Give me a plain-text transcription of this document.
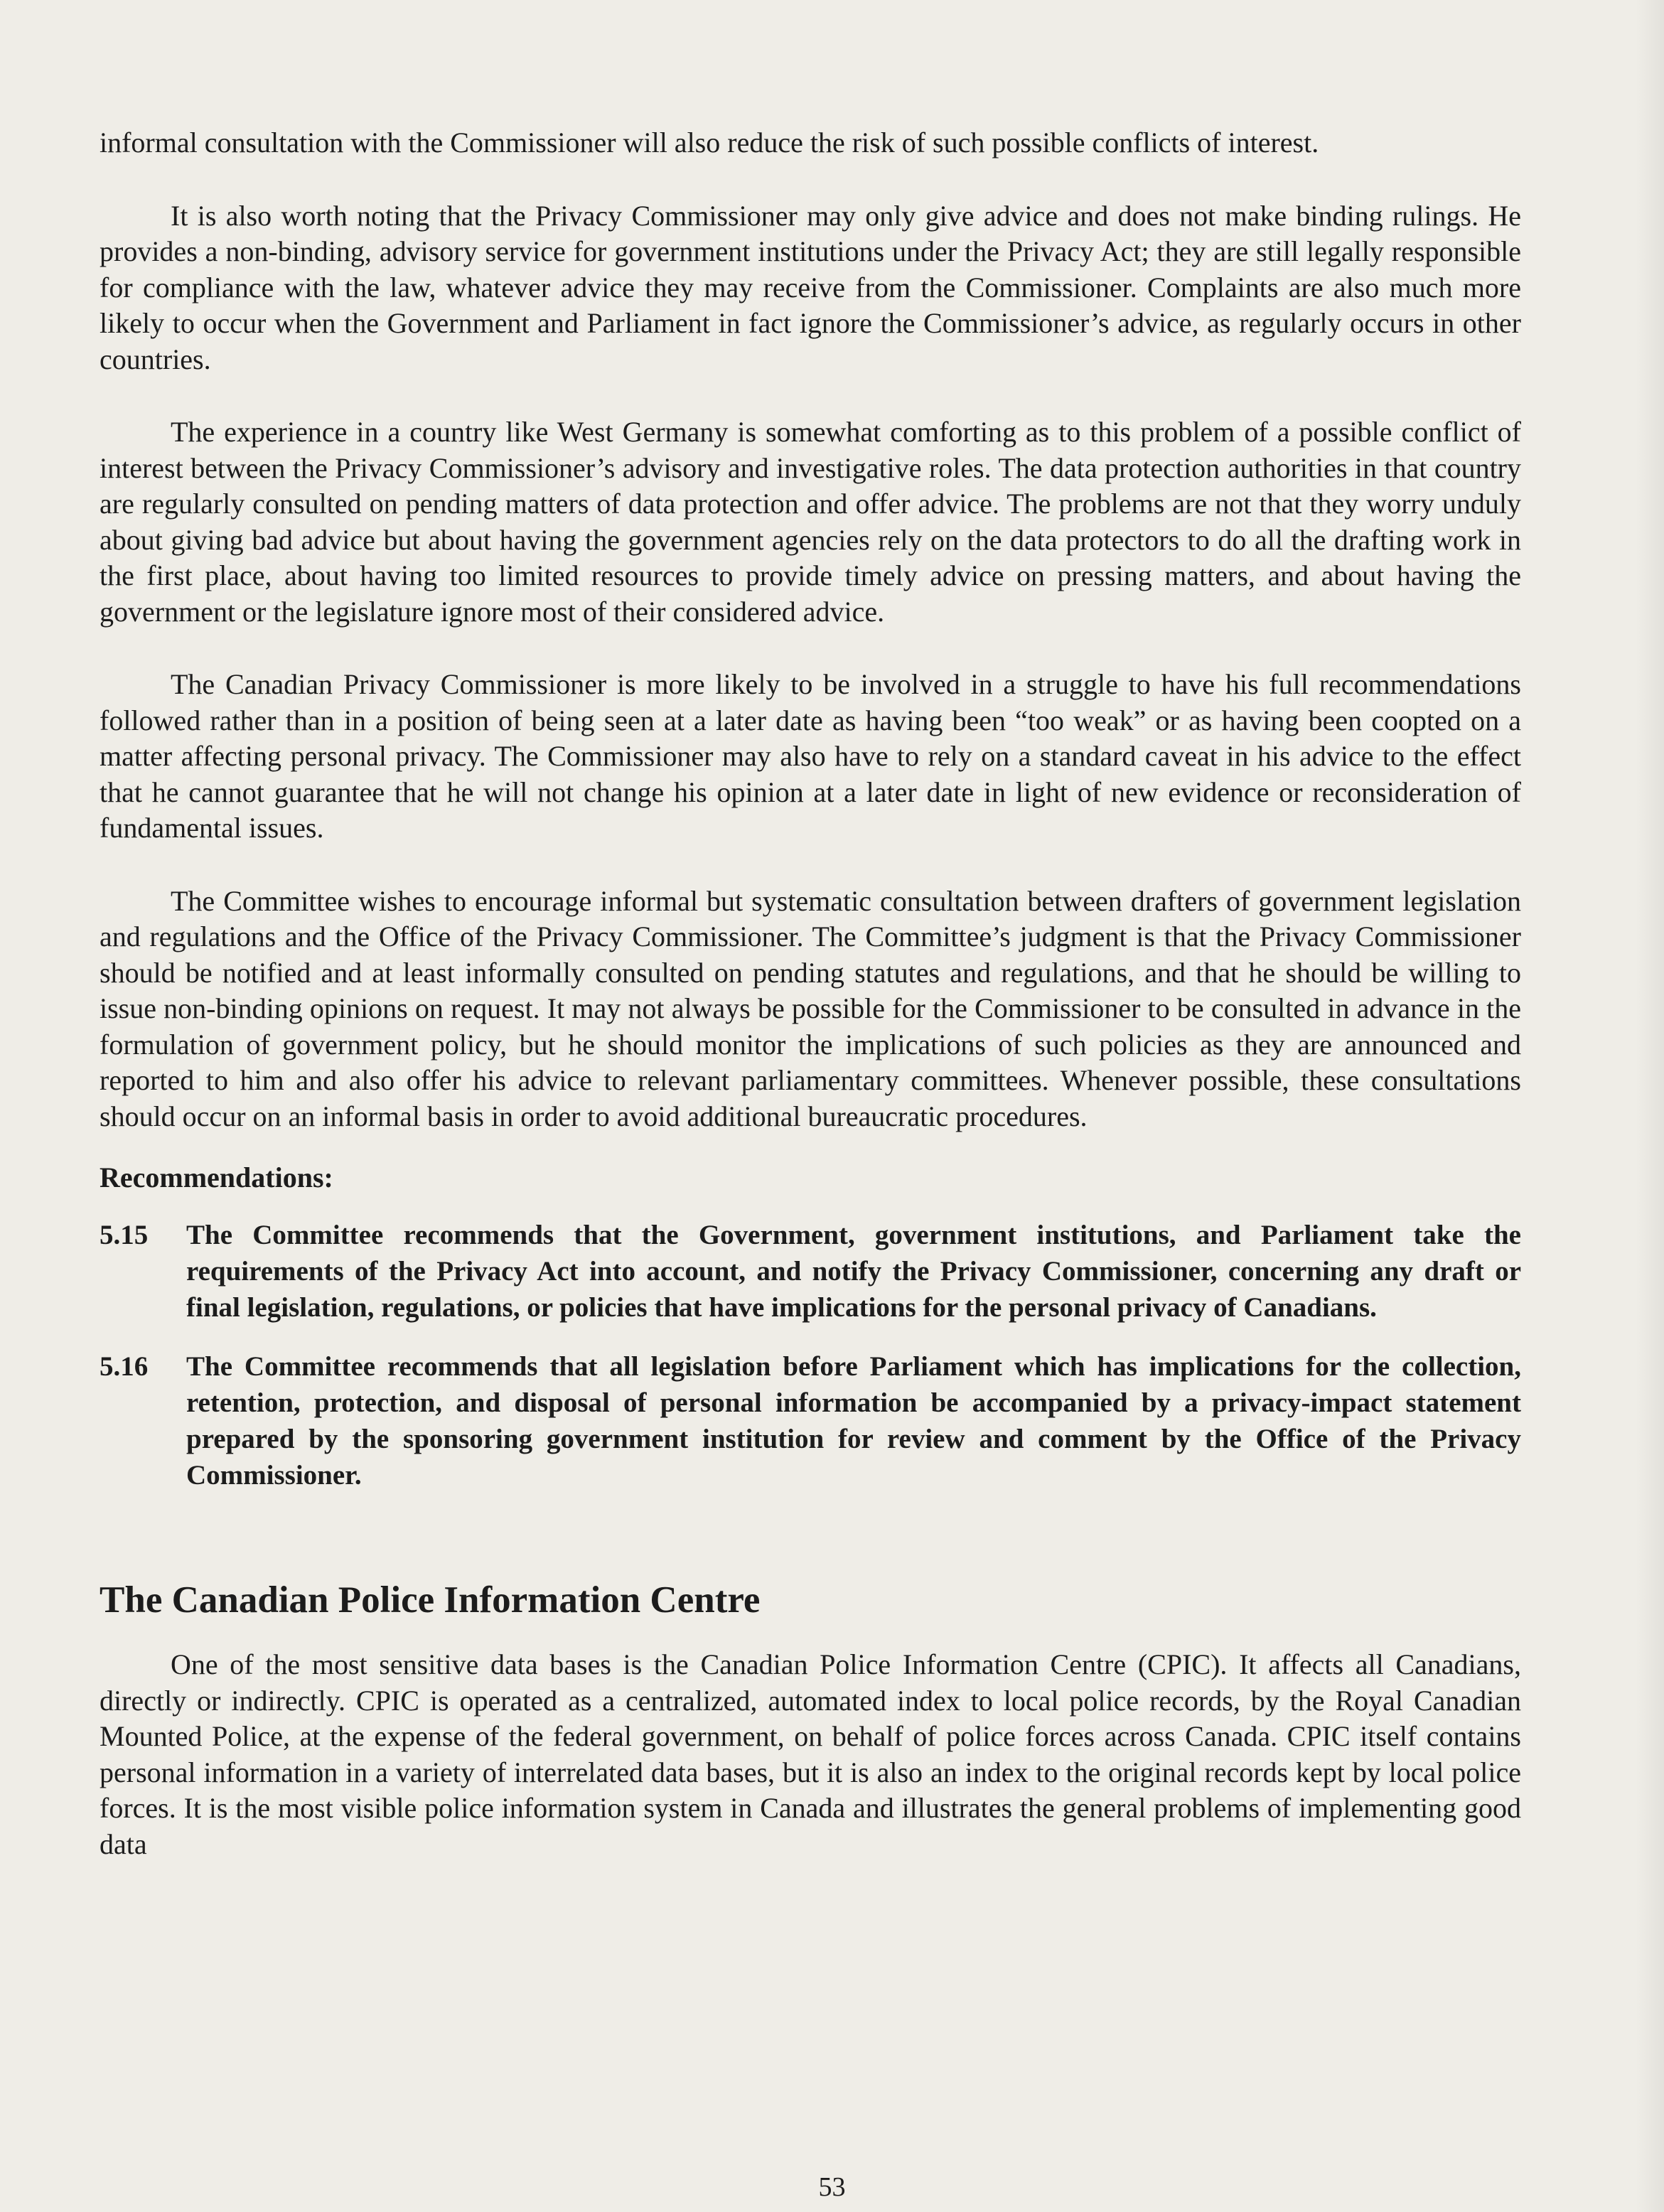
informal consultation with the Commissioner will also reduce the risk of such possible conflicts of interest.

It is also worth noting that the Privacy Commissioner may only give advice and does not make binding rulings. He provides a non-binding, advisory service for government institutions under the Privacy Act; they are still legally responsible for compliance with the law, whatever advice they may receive from the Commissioner. Complaints are also much more likely to occur when the Government and Parliament in fact ignore the Commissioner’s advice, as regularly occurs in other countries.

The experience in a country like West Germany is somewhat comforting as to this problem of a possible conflict of interest between the Privacy Commissioner’s advisory and investigative roles. The data protection authorities in that country are regularly consulted on pending matters of data protection and offer advice. The problems are not that they worry unduly about giving bad advice but about having the government agencies rely on the data protectors to do all the drafting work in the first place, about having too limited resources to provide timely advice on pressing matters, and about having the government or the legislature ignore most of their considered advice.

The Canadian Privacy Commissioner is more likely to be involved in a struggle to have his full recommendations followed rather than in a position of being seen at a later date as having been “too weak” or as having been coopted on a matter affecting personal privacy. The Commissioner may also have to rely on a standard caveat in his advice to the effect that he cannot guarantee that he will not change his opinion at a later date in light of new evidence or reconsideration of fundamental issues.

The Committee wishes to encourage informal but systematic consultation between drafters of government legislation and regulations and the Office of the Privacy Commissioner. The Committee’s judgment is that the Privacy Commissioner should be notified and at least informally consulted on pending statutes and regulations, and that he should be willing to issue non-binding opinions on request. It may not always be possible for the Commissioner to be consulted in advance in the formulation of government policy, but he should monitor the implications of such policies as they are announced and reported to him and also offer his advice to relevant parliamentary committees. Whenever possible, these consultations should occur on an informal basis in order to avoid additional bureaucratic procedures.

Recommendations:

5.15	The Committee recommends that the Government, government institutions, and Parliament take the requirements of the Privacy Act into account, and notify the Privacy Commissioner, concerning any draft or final legislation, regulations, or policies that have implications for the personal privacy of Canadians.
5.16	The Committee recommends that all legislation before Parliament which has implications for the collection, retention, protection, and disposal of personal information be accompanied by a privacy-impact statement prepared by the sponsoring government institution for review and comment by the Office of the Privacy Commissioner.
The Canadian Police Information Centre

One of the most sensitive data bases is the Canadian Police Information Centre (CPIC). It affects all Canadians, directly or indirectly. CPIC is operated as a centralized, automated index to local police records, by the Royal Canadian Mounted Police, at the expense of the federal government, on behalf of police forces across Canada. CPIC itself contains personal information in a variety of interrelated data bases, but it is also an index to the original records kept by local police forces. It is the most visible police information system in Canada and illustrates the general problems of implementing good data

53
